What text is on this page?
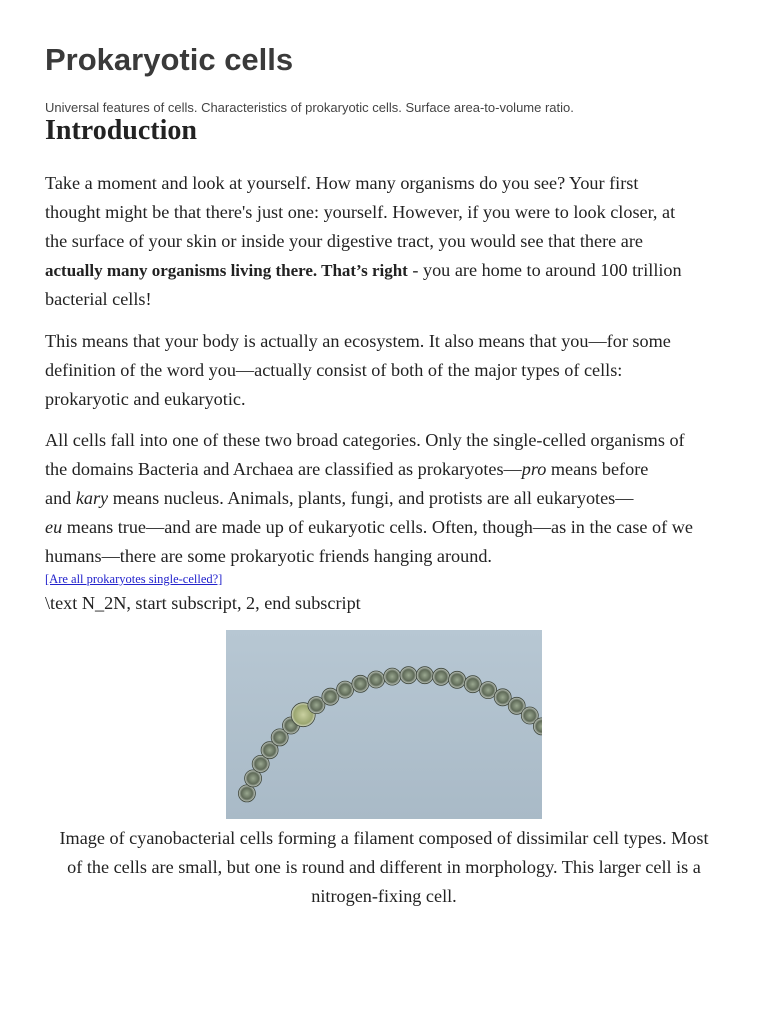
Prokaryotic cells
Universal features of cells. Characteristics of prokaryotic cells. Surface area-to-volume ratio.
Introduction

Take a moment and look at yourself. How many organisms do you see? Your first
thought might be that there's just one: yourself. However, if you were to look closer, at
the surface of your skin or inside your digestive tract, you would see that there are
actually many organisms living there. That’s right - you are home to around 100 trillion
bacterial cells!

This means that your body is actually an ecosystem. It also means that you—for some
definition of the word you—actually consist of both of the major types of cells:
prokaryotic and eukaryotic.

All cells fall into one of these two broad categories. Only the single-celled organisms of
the domains Bacteria and Archaea are classified as prokaryotes—pro means before
and kary means nucleus. Animals, plants, fungi, and protists are all eukaryotes—
eu means true—and are made up of eukaryotic cells. Often, though—as in the case of we
humans—there are some prokaryotic friends hanging around.

[Are all prokaryotes single-celled?]
\text N_2N, start subscript, 2, end subscript
Image of cyanobacterial cells forming a filament composed of dissimilar cell types. Most
of the cells are small, but one is round and different in morphology. This larger cell is a
nitrogen-fixing cell.
